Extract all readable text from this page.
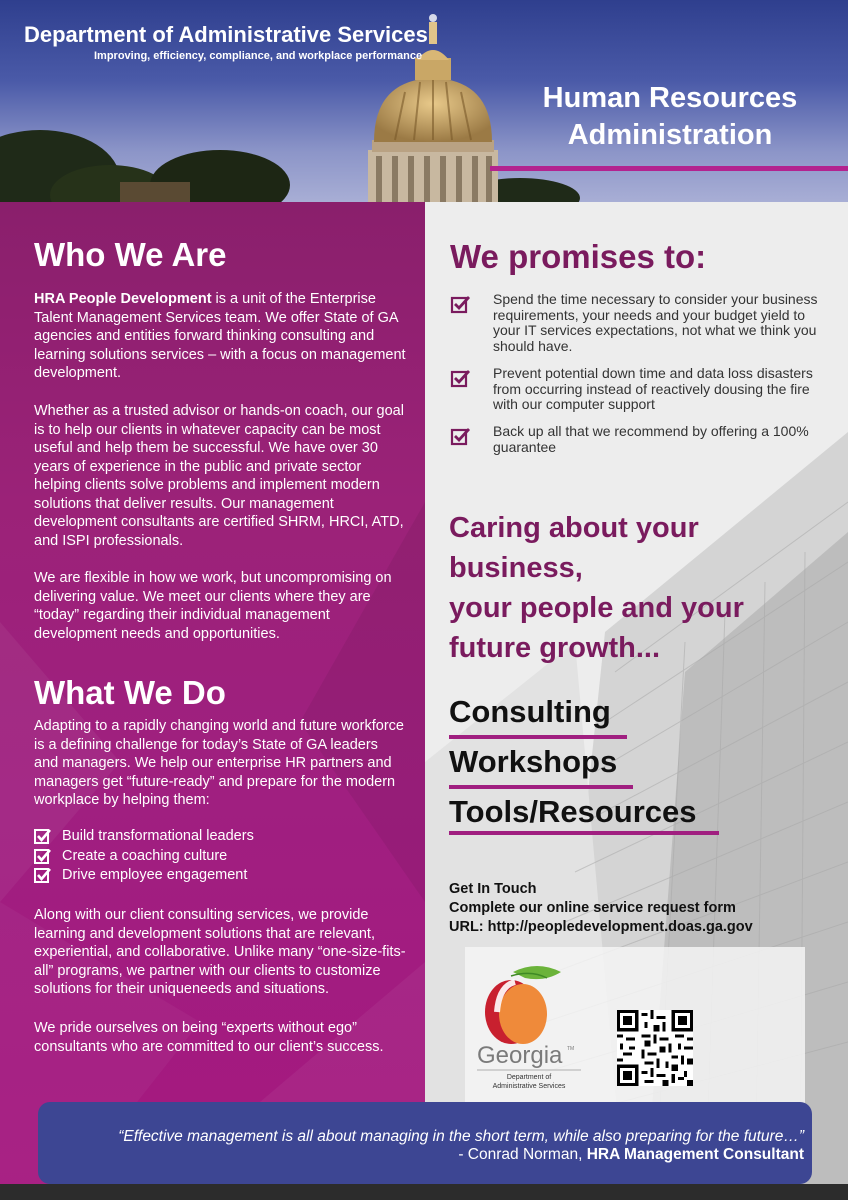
Department of Administrative Services
Improving, efficiency, compliance, and workplace performance
Human Resources
Administration
Who We Are

HRA People Development is a unit of the Enterprise Talent Management Services team. We offer State of GA agencies and entities forward thinking consulting and learning solutions services – with a focus on management development.

Whether as a trusted advisor or hands-on coach, our goal is to help our clients in whatever capacity can be most useful and help them be successful. We have over 30 years of experience in the public and private sector helping clients solve problems and implement modern solutions that deliver results. Our management development consultants are certified SHRM, HRCI, ATD, and ISPI professionals.

We are flexible in how we work, but uncompromising on delivering value. We meet our clients where they are “today” regarding their individual management development needs and opportunities.

What We Do

Adapting to a rapidly changing world and future workforce is a defining challenge for today’s State of GA leaders and managers. We help our enterprise HR partners and managers get “future-ready” and prepare for the modern workplace by helping them:

Build transformational leaders
Create a coaching culture
Drive employee engagement

Along with our client consulting services, we provide learning and development solutions that are relevant, experiential, and collaborative. Unlike many “one-size-fits-all” programs, we partner with our clients to customize solutions for their uniqueneeds and situations.

We pride ourselves on being “experts without ego” consultants who are committed to our client’s success.

We promises to:
Spend the time necessary to consider your business requirements, your needs and your budget yield to your IT services expectations, not what we think you should have.
Prevent potential down time and data loss disasters from occurring instead of reactively dousing the fire with our computer support
Back up all that we recommend by offering a 100% guarantee
Caring about your
business,
your people and your
future growth...
Consulting
Workshops
Tools/Resources
Get In Touch
Complete our online service request form
URL: http://peopledevelopment.doas.ga.gov
Georgia TM
Department of
Administrative Services
“Effective management is all about managing in the short term, while also preparing for the future…”
- Conrad Norman, HRA Management Consultant
